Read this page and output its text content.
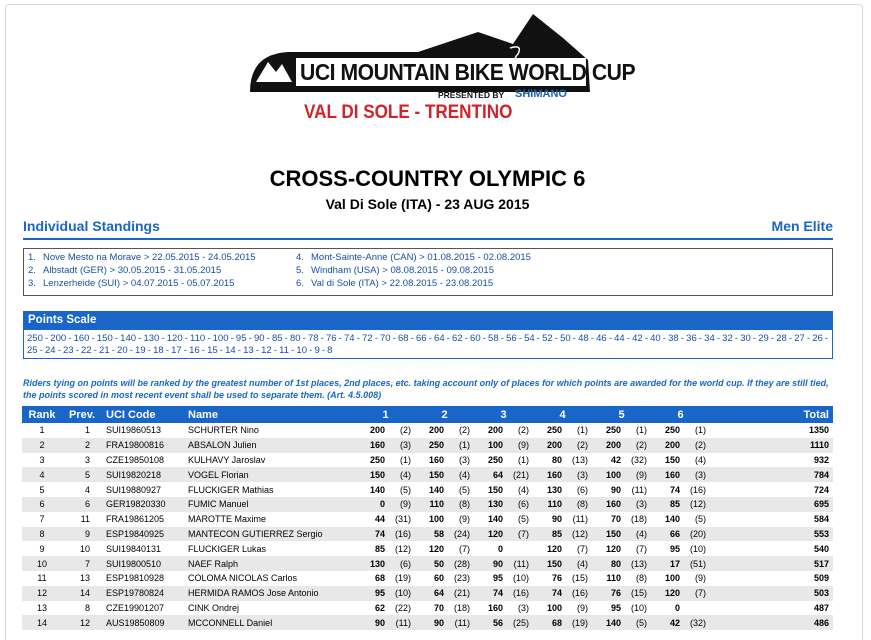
UCI MOUNTAIN BIKE WORLD CUP
PRESENTED BY SHIMANO
VAL DI SOLE - TRENTINO
CROSS-COUNTRY OLYMPIC 6
Val Di Sole (ITA) - 23 AUG 2015
Individual Standings	Men Elite
1. Nove Mesto na Morave > 22.05.2015 - 24.05.2015	4. Mont-Sainte-Anne (CAN) > 01.08.2015 - 02.08.2015
2. Albstadt (GER) > 30.05.2015 - 31.05.2015	5. Windham (USA) > 08.08.2015 - 09.08.2015
3. Lenzerheide (SUI) > 04.07.2015 - 05.07.2015	6. Val di Sole (ITA) > 22.08.2015 - 23.08.2015
Points Scale
250 - 200 - 160 - 150 - 140 - 130 - 120 - 110 - 100 - 95 - 90 - 85 - 80 - 78 - 76 - 74 - 72 - 70 - 68 - 66 - 64 - 62 - 60 - 58 - 56 - 54 - 52 - 50 - 48 - 46 - 44 - 42 - 40 - 38 - 36 - 34 - 32 - 30 - 29 - 28 - 27 - 26 - 25 - 24 - 23 - 22 - 21 - 20 - 19 - 18 - 17 - 16 - 15 - 14 - 13 - 12 - 11 - 10 - 9 - 8
Riders tying on points will be ranked by the greatest number of 1st places, 2nd places, etc. taking account only of places for which points are awarded for the world cup. If they are still tied, the points scored in most recent event shall be used to separate them. (Art. 4.5.008)
Rank	Prev.	UCI Code	Name	1	2	3	4	5	6	Total
1	1	SUI19860513	SCHURTER Nino	200 (2)	200 (2)	200 (2)	250 (1)	250 (1)	250 (1)	1350
2	2	FRA19800816	ABSALON Julien	160 (3)	250 (1)	100 (9)	200 (2)	200 (2)	200 (2)	1110
3	3	CZE19850108	KULHAVY Jaroslav	250 (1)	160 (3)	250 (1)	80 (13)	42 (32)	150 (4)	932
4	5	SUI19820218	VOGEL Florian	150 (4)	150 (4)	64 (21)	160 (3)	100 (9)	160 (3)	784
5	4	SUI19880927	FLUCKIGER Mathias	140 (5)	140 (5)	150 (4)	130 (6)	90 (11)	74 (16)	724
6	6	GER19820330	FUMIC Manuel	0 (9)	110 (8)	130 (6)	110 (8)	160 (3)	85 (12)	695
7	11	FRA19861205	MAROTTE Maxime	44 (31)	100 (9)	140 (5)	90 (11)	70 (18)	140 (5)	584
8	9	ESP19840925	MANTECON GUTIERREZ Sergio	74 (16)	58 (24)	120 (7)	85 (12)	150 (4)	66 (20)	553
9	10	SUI19840131	FLUCKIGER Lukas	85 (12)	120 (7)	0	120 (7)	120 (7)	95 (10)	540
10	7	SUI19800510	NAEF Ralph	130 (6)	50 (28)	90 (11)	150 (4)	80 (13)	17 (51)	517
11	13	ESP19810928	COLOMA NICOLAS Carlos	68 (19)	60 (23)	95 (10)	76 (15)	110 (8)	100 (9)	509
12	14	ESP19780824	HERMIDA RAMOS Jose Antonio	95 (10)	64 (21)	74 (16)	74 (16)	76 (15)	120 (7)	503
13	8	CZE19901207	CINK Ondrej	62 (22)	70 (18)	160 (3)	100 (9)	95 (10)	0	487
14	12	AUS19850809	MCCONNELL Daniel	90 (11)	90 (11)	56 (25)	68 (19)	140 (5)	42 (32)	486
